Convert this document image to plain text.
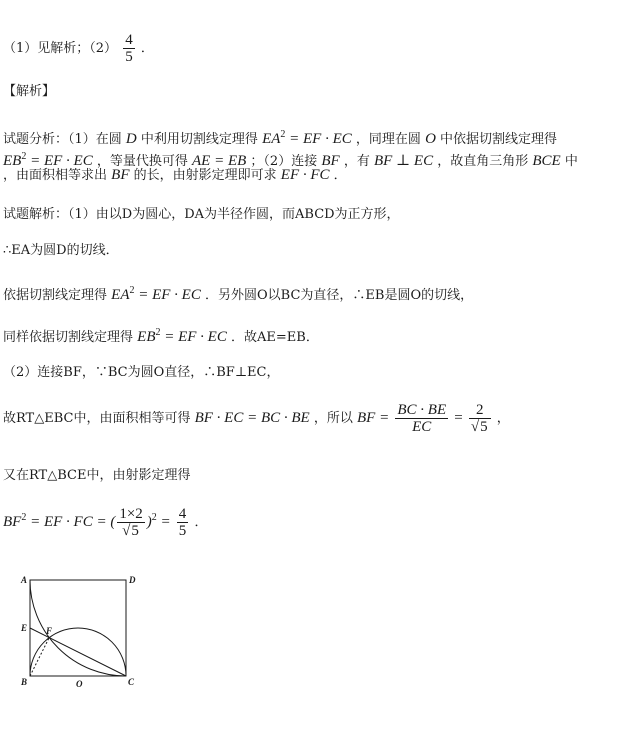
（1）见解析；$(2) \frac{4}{5}$ ．
【解析】
试题分析：（1）在圆 D 中利用切割线定理得 $EA^2$ = EF · EC ，同理在圆 O 中依据切割线定理得
$EB^2$ = EF · EC ，等量代换可得 AE = EB ；（2）连接 BF ，有 BF ⊥ EC ，故直角三角形 BCE 中
，由面积相等求出 BF 的长，由射影定理即可求 EF · FC ．
试题解析：（1）由以D为圆心，DA为半径作圆，而ABCD为正方形，
∴EA为圆D的切线．
依据切割线定理得 $EA^2$ = EF · EC ．另外圆O以BC为直径，∴EB是圆O的切线，
同样依据切割线定理得 $EB^2$ = EF · EC ．故AE=EB．
（2）连接BF，∵BC为圆O直径，∴BF⊥EC，
故RT△EBC中，由面积相等可得 BF · EC = BC · BE ，所以 BF = $\frac{BC \cdot BE}{EC} = \frac{2}{√5}$ ，
又在RT△BCE中，由射影定理得
$BF^2$ = EF · FC = ( $\frac{1\times 2}{√5} )^2 = \frac{4}{5}$ ．
A	D
E F
B	O	C
